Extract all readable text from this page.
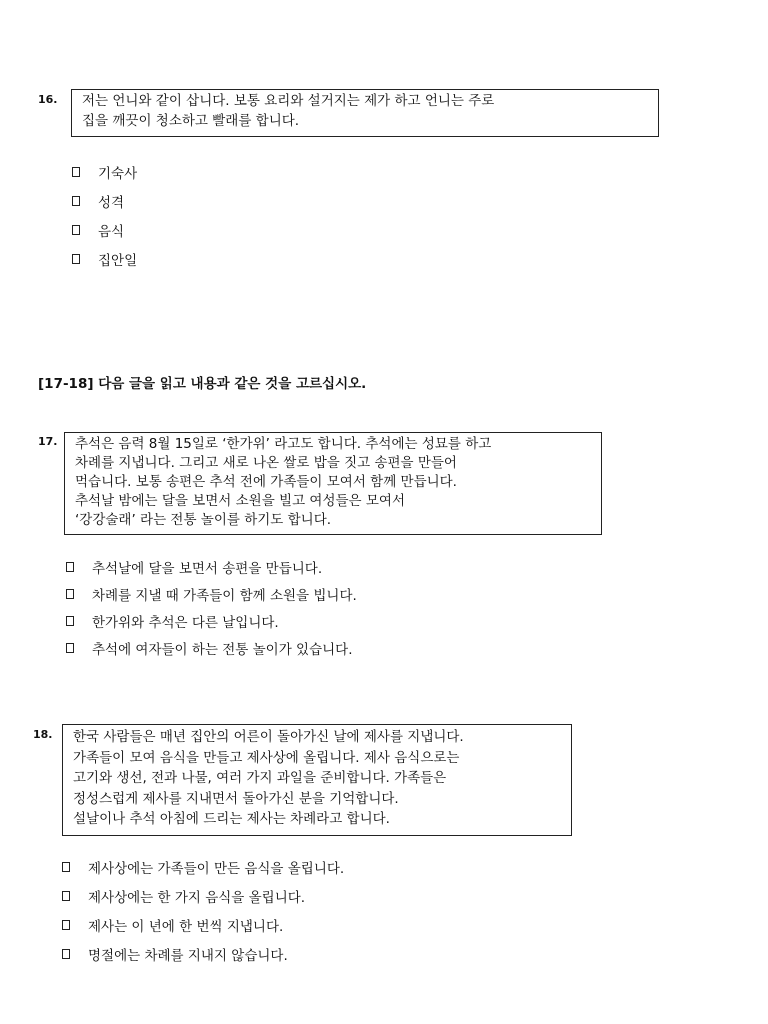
16. 저는 언니와 같이 삽니다. 보통 요리와 설거지는 제가 하고 언니는 주로
집을 깨끗이 청소하고 빨래를 합니다.
기숙사
성격
음식
집안일
[17-18] 다음 글을 읽고 내용과 같은 것을 고르십시오.
17. 추석은 음력 8월 15일로 ‘한가위’ 라고도 합니다. 추석에는 성묘를 하고
차례를 지냅니다. 그리고 새로 나온 쌀로 밥을 짓고 송편을 만들어
먹습니다. 보통 송편은 추석 전에 가족들이 모여서 함께 만듭니다.
추석날 밤에는 달을 보면서 소원을 빌고 여성들은 모여서
‘강강술래’ 라는 전통 놀이를 하기도 합니다.
추석날에 달을 보면서 송편을 만듭니다.
차례를 지낼 때 가족들이 함께 소원을 빕니다.
한가위와 추석은 다른 날입니다.
추석에 여자들이 하는 전통 놀이가 있습니다.
18. 한국 사람들은 매년 집안의 어른이 돌아가신 날에 제사를 지냅니다.
가족들이 모여 음식을 만들고 제사상에 올립니다. 제사 음식으로는
고기와 생선, 전과 나물, 여러 가지 과일을 준비합니다. 가족들은
정성스럽게 제사를 지내면서 돌아가신 분을 기억합니다.
설날이나 추석 아침에 드리는 제사는 차례라고 합니다.
제사상에는 가족들이 만든 음식을 올립니다.
제사상에는 한 가지 음식을 올립니다.
제사는 이 년에 한 번씩 지냅니다.
명절에는 차례를 지내지 않습니다.
